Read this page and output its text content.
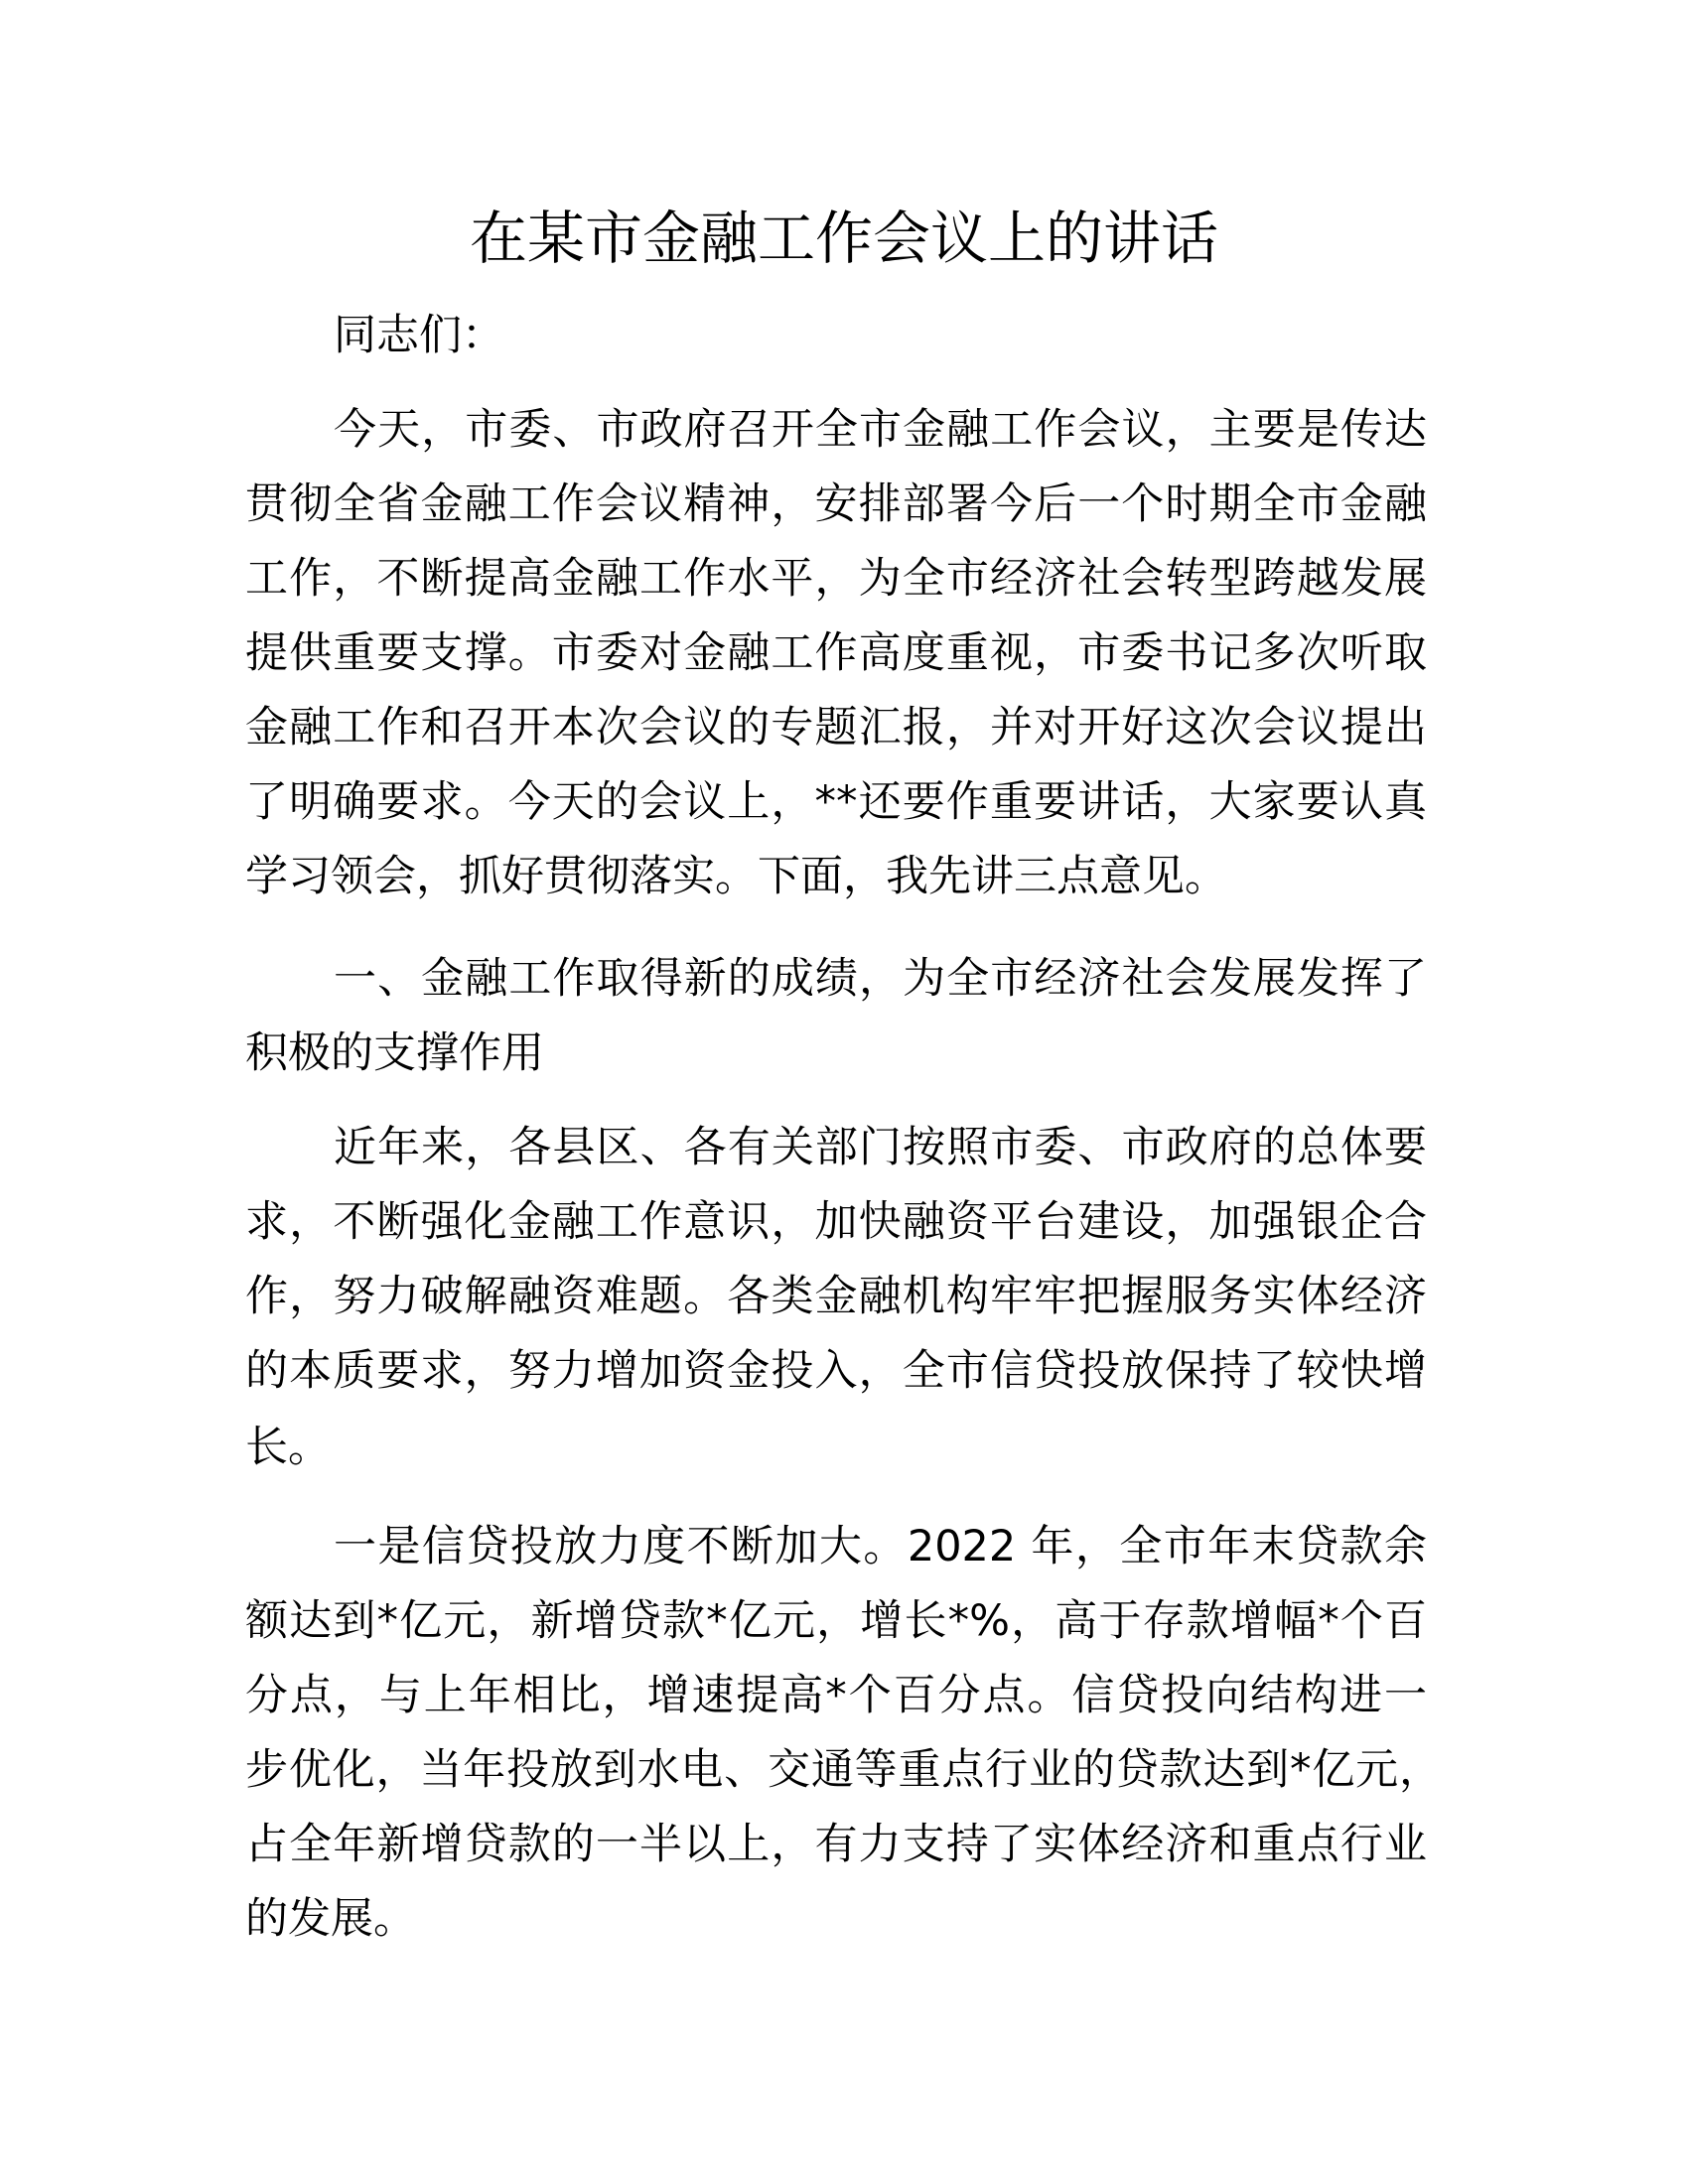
在某市金融工作会议上的讲话
同志们：
今天，市委、市政府召开全市金融工作会议，主要是传达
贯彻全省金融工作会议精神，安排部署今后一个时期全市金融
工作，不断提高金融工作水平，为全市经济社会转型跨越发展
提供重要支撑。市委对金融工作高度重视，市委书记多次听取
金融工作和召开本次会议的专题汇报，并对开好这次会议提出
了明确要求。今天的会议上，**还要作重要讲话，大家要认真
学习领会，抓好贯彻落实。下面，我先讲三点意见。
一、金融工作取得新的成绩，为全市经济社会发展发挥了
积极的支撑作用
近年来，各县区、各有关部门按照市委、市政府的总体要
求，不断强化金融工作意识，加快融资平台建设，加强银企合
作，努力破解融资难题。各类金融机构牢牢把握服务实体经济
的本质要求，努力增加资金投入，全市信贷投放保持了较快增
长。
一是信贷投放力度不断加大。2022 年，全市年末贷款余
额达到*亿元，新增贷款*亿元，增长*%，高于存款增幅*个百
分点，与上年相比，增速提高*个百分点。信贷投向结构进一
步优化，当年投放到水电、交通等重点行业的贷款达到*亿元，
占全年新增贷款的一半以上，有力支持了实体经济和重点行业
的发展。
